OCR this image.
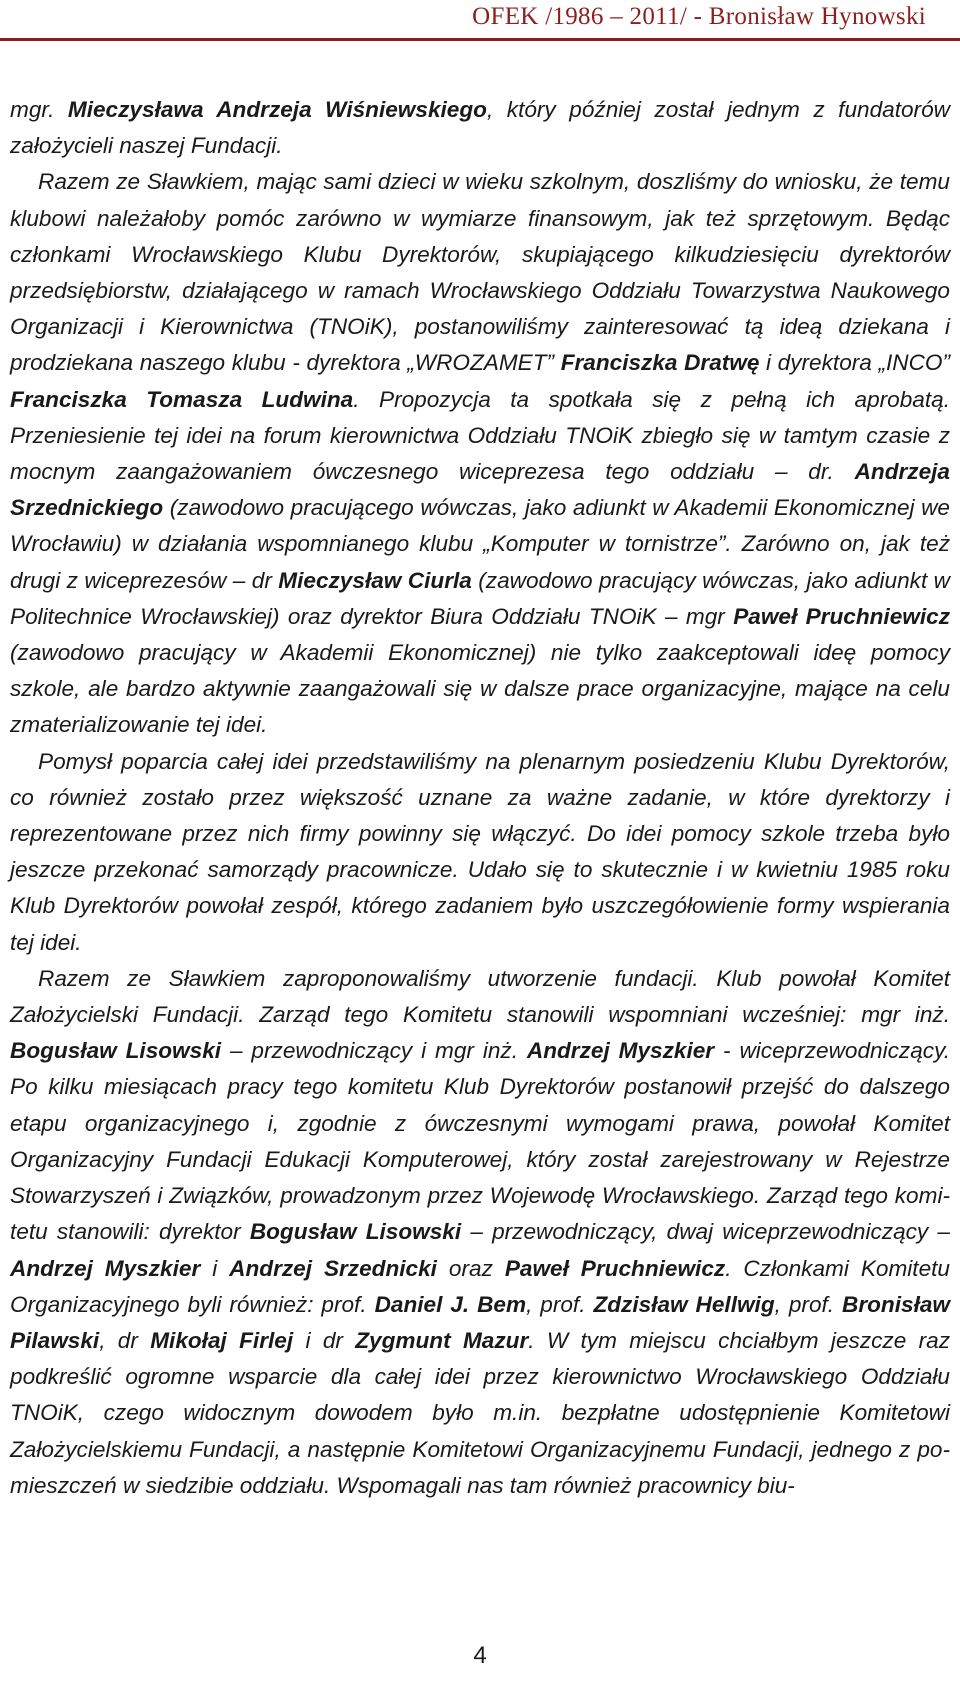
OFEK /1986 – 2011/ - Bronisław Hynowski

mgr. Mieczysława Andrzeja Wiśniewskiego, który później został jednym z fundatorów założycieli naszej Fundacji.

Razem ze Sławkiem, mając sami dzieci w wieku szkolnym, doszliśmy do wniosku, że temu klubowi należałoby pomóc zarówno w wymiarze finansowym, jak też sprzętowym. Będąc członkami Wrocławskiego Klubu Dyrektorów, skupiającego kilkudziesięciu dyrektorów przedsiębiorstw, działającego w ramach Wrocławskiego Oddziału Towarzystwa Naukowego Organizacji i Kierownictwa (TNOiK), postanowiliśmy zainteresować tą ideą dziekana i prodziekana naszego klubu - dyrektora „WROZAMET” Franciszka Dratwę i dyrektora „INCO” Franciszka Tomasza Ludwina. Propozycja ta spotkała się z pełną ich aprobatą. Przeniesienie tej idei na forum kierownictwa Oddziału TNOiK zbiegło się w tamtym czasie z mocnym zaangażowaniem ówczesnego wiceprezesa tego oddziału – dr. Andrzeja Srzednickiego (zawodowo pracującego wówczas, jako adiunkt w Akademii Ekonomicznej we Wrocławiu) w działania wspomnianego klubu „Komputer w tornistrze”. Zarówno on, jak też drugi z wiceprezesów – dr Mieczysław Ciurla (zawodowo pracujący wówczas, jako adiunkt w Politechnice Wrocławskiej) oraz dyrektor Biura Oddziału TNOiK – mgr Paweł Pruchniewicz (zawodowo pracujący w Akademii Ekonomicznej) nie tylko zaakceptowali ideę pomocy szkole, ale bardzo aktywnie zaangażowali się w dalsze prace organizacyjne, mające na celu zmaterializowanie tej idei.

Pomysł poparcia całej idei przedstawiliśmy na plenarnym posiedzeniu Klubu Dyrektorów, co również zostało przez większość uznane za ważne zadanie, w które dyrektorzy i reprezentowane przez nich firmy powinny się włączyć. Do idei pomocy szkole trzeba było jeszcze przekonać samorządy pracownicze. Udało się to skutecznie i w kwietniu 1985 roku Klub Dyrektorów powołał zespół, którego zadaniem było uszczegółowienie formy wspierania tej idei.

Razem ze Sławkiem zaproponowaliśmy utworzenie fundacji. Klub powołał Komitet Założycielski Fundacji. Zarząd tego Komitetu stanowili wspomniani wcześniej: mgr inż. Bogusław Lisowski – przewodniczący i mgr inż. Andrzej Myszkier - wiceprzewodniczący. Po kilku miesiącach pracy tego komitetu Klub Dyrektorów postanowił przejść do dalszego etapu organizacyjnego i, zgodnie z ówczesnymi wymogami prawa, powołał Komitet Organizacyjny Fundacji Edukacji Komputerowej, który został zarejestrowany w Rejestrze Stowarzyszeń i Związków, prowadzonym przez Wojewodę Wrocławskiego. Zarząd tego komitetu stanowili: dyrektor Bogusław Lisowski – przewodniczący, dwaj wiceprzewodniczący – Andrzej Myszkier i Andrzej Srzednicki oraz Paweł Pruchniewicz. Członkami Komitetu Organizacyjnego byli również: prof. Daniel J. Bem, prof. Zdzisław Hellwig, prof. Bronisław Pilawski, dr Mikołaj Firlej i dr Zygmunt Mazur. W tym miejscu chciałbym jeszcze raz podkreślić ogromne wsparcie dla całej idei przez kierownictwo Wrocławskiego Oddziału TNOiK, czego widocznym dowodem było m.in. bezpłatne udostępnienie Komitetowi Założycielskiemu Fundacji, a następnie Komitetowi Organizacyjnemu Fundacji, jednego z pomieszczeń w siedzibie oddziału. Wspomagali nas tam również pracownicy biu-

4
